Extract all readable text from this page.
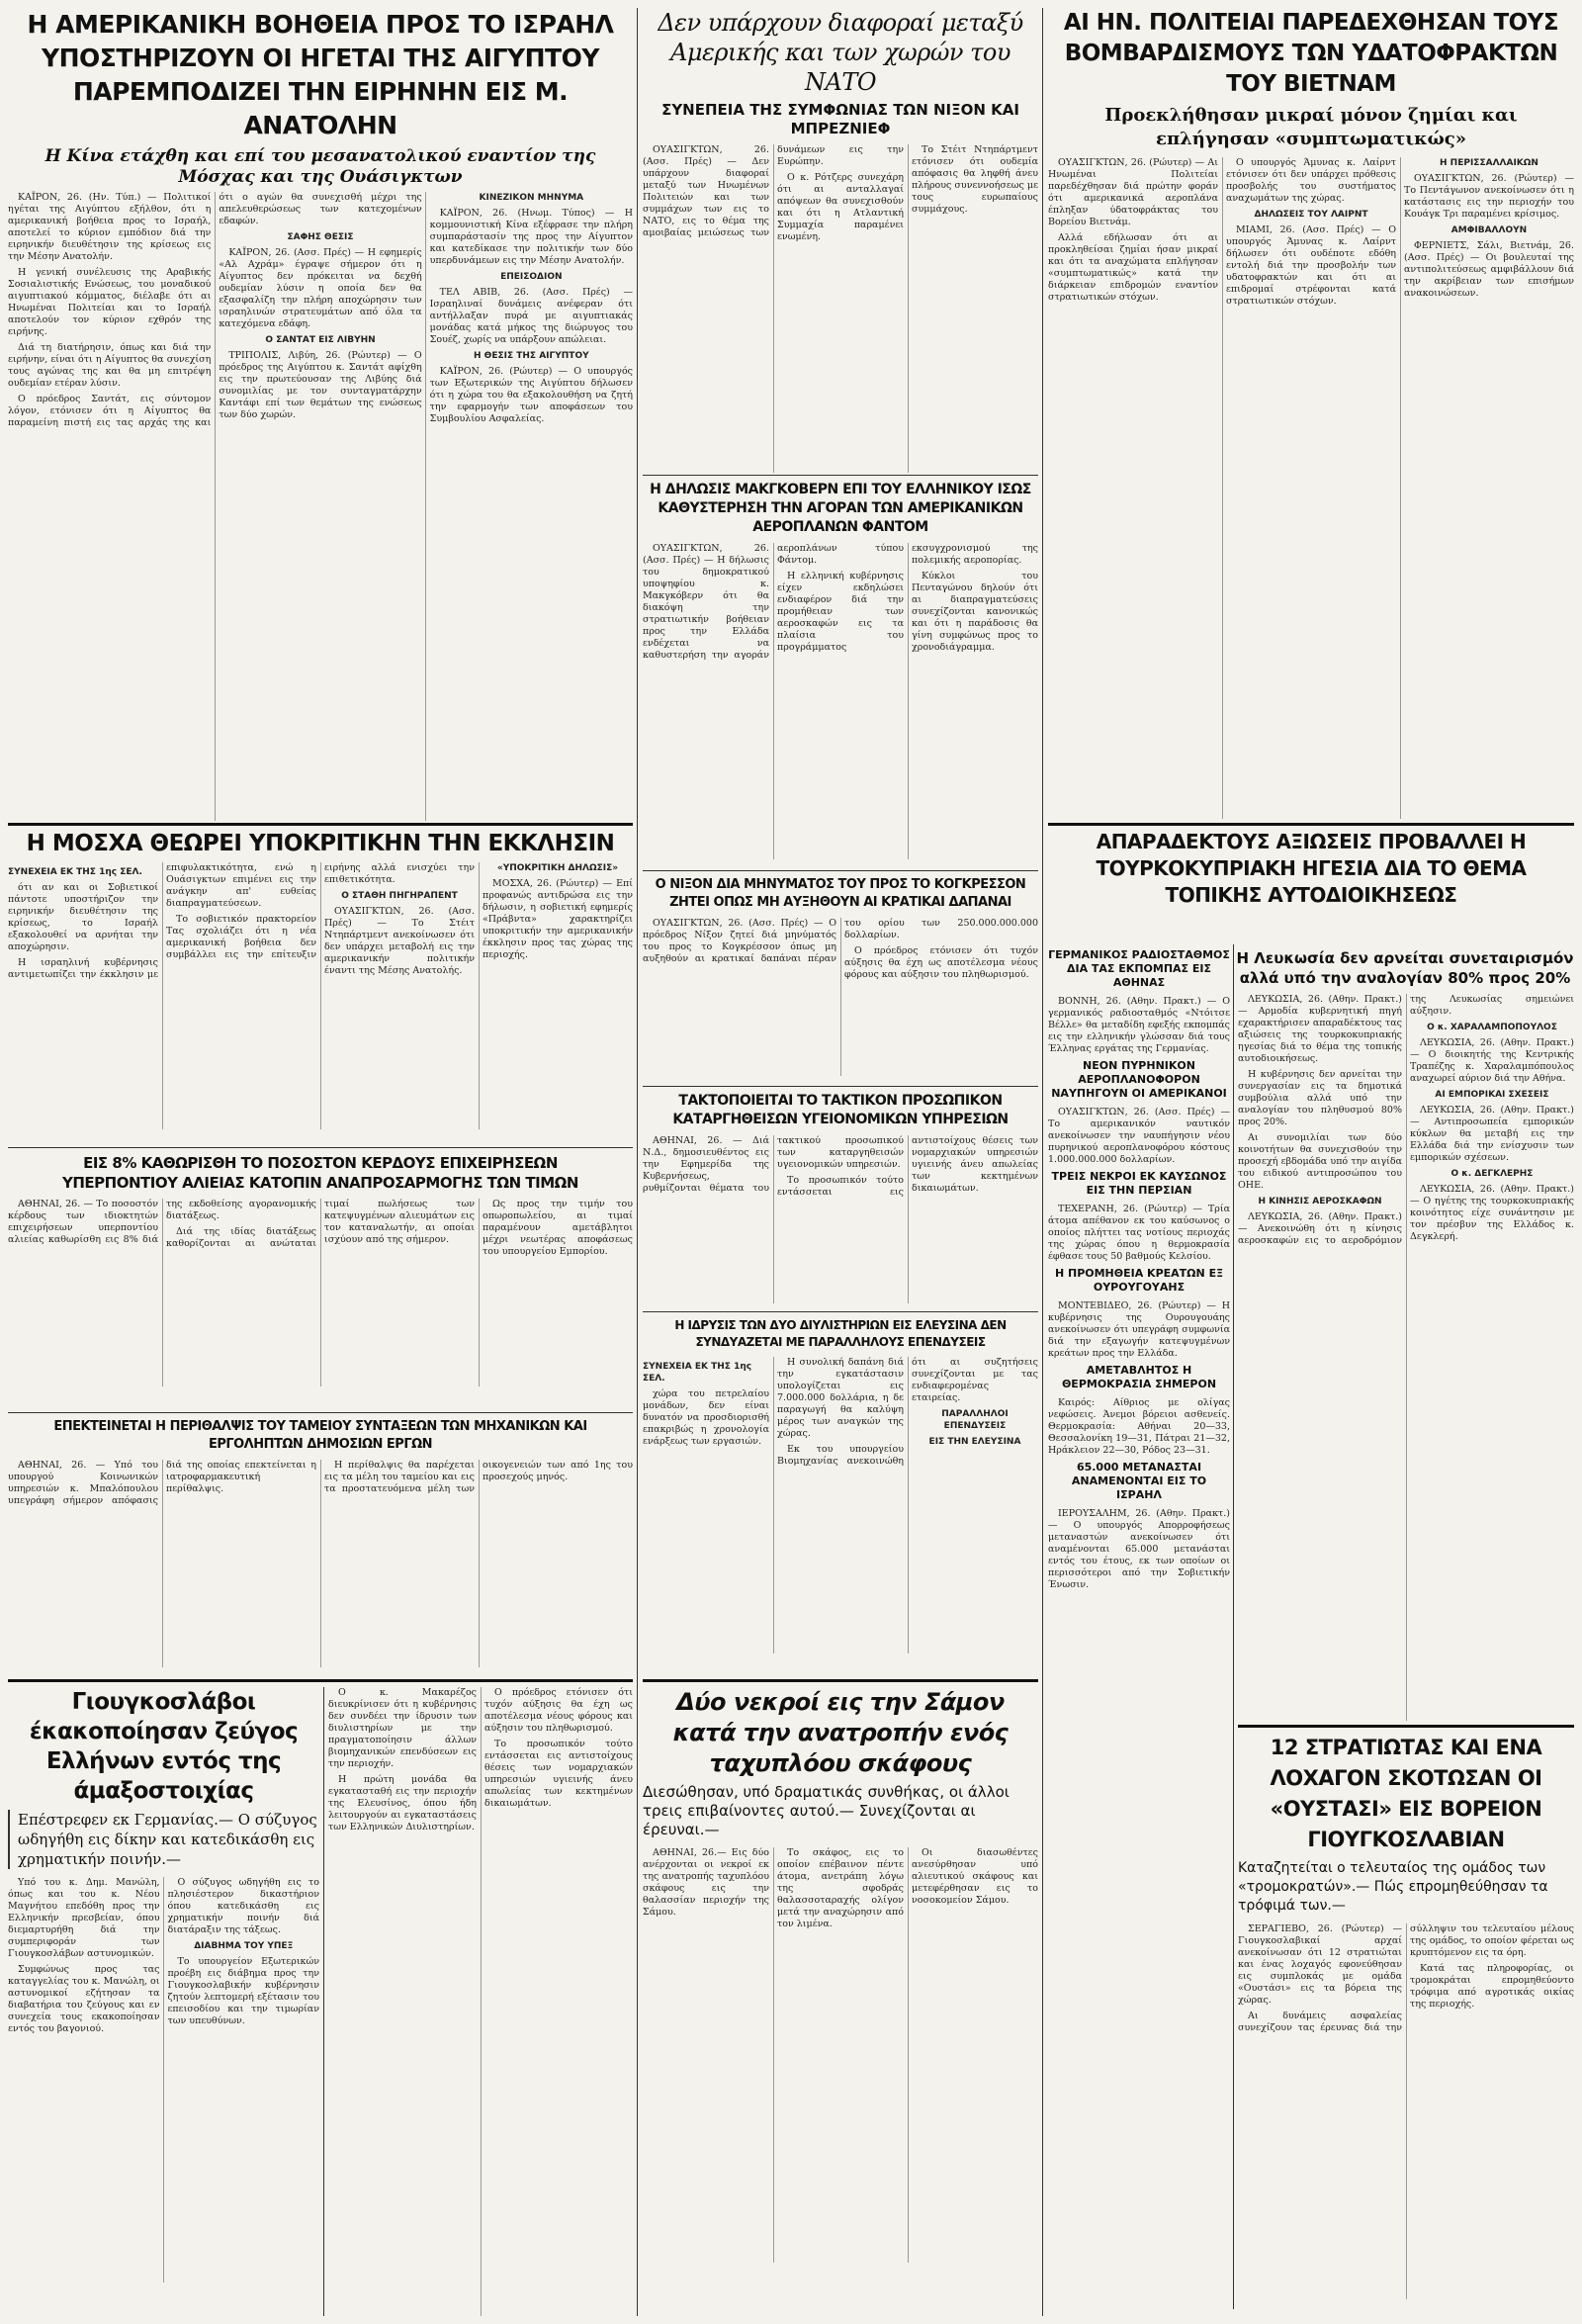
Η ΑΜΕΡΙΚΑΝΙΚΗ ΒΟΗΘΕΙΑ ΠΡΟΣ ΤΟ ΙΣΡΑΗΛ ΥΠΟΣΤΗΡΙΖΟΥΝ ΟΙ ΗΓΕΤΑΙ ΤΗΣ ΑΙΓΥΠΤΟΥ ΠΑΡΕΜΠΟΔΙΖΕΙ ΤΗΝ ΕΙΡΗΝΗΝ ΕΙΣ Μ. ΑΝΑΤΟΛΗΝ
Η Κίνα ετάχθη και επί του μεσανατολικού εναντίον της Μόσχας και της Ουάσιγκτων

ΚΑΪΡΟΝ, 26. (Ην. Τύπ.) — Πολιτικοί ηγέται της Αιγύπτου εξήλθον, ότι η αμερικανική βοήθεια προς το Ισραήλ, αποτελεί το κύριον εμπόδιον διά την ειρηνικήν διευθέτησιν της κρίσεως εις την Μέσην Ανατολήν.

Η γενική συνέλευσις της Αραβικής Σοσιαλιστικής Ενώσεως, του μοναδικού αιγυπτιακού κόμματος, διέλαβε ότι αι Ηνωμέναι Πολιτείαι και το Ισραήλ αποτελούν τον κύριον εχθρόν της ειρήνης.

Διά τη διατήρησιν, όπως και διά την ειρήνην, είναι ότι η Αίγυπτος θα συνεχίση τους αγώνας της και θα μη επιτρέψη ουδεμίαν ετέραν λύσιν.

Ο πρόεδρος Σαντάτ, εις σύντομον λόγον, ετόνισεν ότι η Αίγυπτος θα παραμείνη πιστή εις τας αρχάς της και ότι ο αγών θα συνεχισθή μέχρι της απελευθερώσεως των κατεχομένων εδαφών.

ΣΑΦΗΣ ΘΕΣΙΣ

ΚΑΪΡΟΝ, 26. (Ασσ. Πρές) — Η εφημερίς «Αλ Αχράμ» έγραψε σήμερον ότι η Αίγυπτος δεν πρόκειται να δεχθή ουδεμίαν λύσιν η οποία δεν θα εξασφαλίζη την πλήρη αποχώρησιν των ισραηλινών στρατευμάτων από όλα τα κατεχόμενα εδάφη.

Ο ΣΑΝΤΑΤ ΕΙΣ ΛΙΒΥΗΝ

ΤΡΙΠΟΛΙΣ, Λιβύη, 26. (Ρώυτερ) — Ο πρόεδρος της Αιγύπτου κ. Σαντάτ αφίχθη εις την πρωτεύουσαν της Λιβύης διά συνομιλίας με τον συνταγματάρχην Καντάφι επί των θεμάτων της ενώσεως των δύο χωρών.

ΚΙΝΕΖΙΚΟΝ ΜΗΝΥΜΑ

ΚΑΪΡΟΝ, 26. (Ηνωμ. Τύπος) — Η κομμουνιστική Κίνα εξέφρασε την πλήρη συμπαράστασίν της προς την Αίγυπτον και κατεδίκασε την πολιτικήν των δύο υπερδυνάμεων εις την Μέσην Ανατολήν.

ΕΠΕΙΣΟΔΙΟΝ

ΤΕΛ ΑΒΙΒ, 26. (Ασσ. Πρές) — Ισραηλιναί δυνάμεις ανέφεραν ότι αντήλλαξαν πυρά με αιγυπτιακάς μονάδας κατά μήκος της διώρυγος του Σουέζ, χωρίς να υπάρξουν απώλειαι.

Η ΘΕΣΙΣ ΤΗΣ ΑΙΓΥΠΤΟΥ

ΚΑΪΡΟΝ, 26. (Ρώυτερ) — Ο υπουργός των Εξωτερικών της Αιγύπτου δήλωσεν ότι η χώρα του θα εξακολουθήση να ζητή την εφαρμογήν των αποφάσεων του Συμβουλίου Ασφαλείας.

Η ΜΟΣΧΑ ΘΕΩΡΕΙ ΥΠΟΚΡΙΤΙΚΗΝ ΤΗΝ ΕΚΚΛΗΣΙΝ
ΣΥΝΕΧΕΙΑ ΕΚ ΤΗΣ 1ης ΣΕΛ.

ότι αν και οι Σοβιετικοί πάντοτε υποστήριζον την ειρηνικήν διευθέτησιν της κρίσεως, το Ισραήλ εξακολουθεί να αρνήται την αποχώρησιν.

Η ισραηλινή κυβέρνησις αντιμετωπίζει την έκκλησιν με επιφυλακτικότητα, ενώ η Ουάσιγκτων επιμένει εις την ανάγκην απ' ευθείας διαπραγματεύσεων.

Το σοβιετικόν πρακτορείον Τας σχολιάζει ότι η νέα αμερικανική βοήθεια δεν συμβάλλει εις την επίτευξιν ειρήνης αλλά ενισχύει την επιθετικότητα.

Ο ΣΤΑΘΗ ΠΗΓΗΡΑΠΕΝΤ

ΟΥΑΣΙΓΚΤΩΝ, 26. (Ασσ. Πρές) — Το Στέιτ Ντηπάρτμεντ ανεκοίνωσεν ότι δεν υπάρχει μεταβολή εις την αμερικανικήν πολιτικήν έναντι της Μέσης Ανατολής.

«ΥΠΟΚΡΙΤΙΚΗ ΔΗΛΩΣΙΣ»

ΜΟΣΧΑ, 26. (Ρώυτερ) — Επί προφανώς αντιδρώσα εις την δήλωσιν, η σοβιετική εφημερίς «Πράβντα» χαρακτηρίζει υποκριτικήν την αμερικανικήν έκκλησιν προς τας χώρας της περιοχής.

ΕΙΣ 8% ΚΑΘΩΡΙΣΘΗ ΤΟ ΠΟΣΟΣΤΟΝ ΚΕΡΔΟΥΣ ΕΠΙΧΕΙΡΗΣΕΩΝ ΥΠΕΡΠΟΝΤΙΟΥ ΑΛΙΕΙΑΣ ΚΑΤΟΠΙΝ ΑΝΑΠΡΟΣΑΡΜΟΓΗΣ ΤΩΝ ΤΙΜΩΝ

ΑΘΗΝΑΙ, 26. — Το ποσοστόν κέρδους των ιδιοκτητών επιχειρήσεων υπερποντίου αλιείας καθωρίσθη εις 8% διά της εκδοθείσης αγορανομικής διατάξεως.

Διά της ιδίας διατάξεως καθορίζονται αι ανώταται τιμαί πωλήσεως των κατεψυγμένων αλιευμάτων εις τον καταναλωτήν, αι οποίαι ισχύουν από της σήμερον.

Ως προς την τιμήν του οπωροπωλείου, αι τιμαί παραμένουν αμετάβλητοι μέχρι νεωτέρας αποφάσεως του υπουργείου Εμπορίου.

ΕΠΕΚΤΕΙΝΕΤΑΙ Η ΠΕΡΙΘΑΛΨΙΣ ΤΟΥ ΤΑΜΕΙΟΥ ΣΥΝΤΑΞΕΩΝ ΤΩΝ ΜΗΧΑΝΙΚΩΝ ΚΑΙ ΕΡΓΟΛΗΠΤΩΝ ΔΗΜΟΣΙΩΝ ΕΡΓΩΝ

ΑΘΗΝΑΙ, 26. — Υπό του υπουργού Κοινωνικών υπηρεσιών κ. Μπαλόπουλου υπεγράφη σήμερον απόφασις διά της οποίας επεκτείνεται η ιατροφαρμακευτική περίθαλψις.

Η περίθαλψις θα παρέχεται εις τα μέλη του ταμείου και εις τα προστατευόμενα μέλη των οικογενειών των από 1ης του προσεχούς μηνός.

Γιουγκοσλάβοι έκακοποίησαν ζεύγος Ελλήνων εντός της άμαξοστοιχίας
Επέστρεφεν εκ Γερμανίας.— Ο σύζυγος ωδηγήθη εις δίκην και κατεδικάσθη εις χρηματικήν ποινήν.—

Υπό του κ. Δημ. Μανώλη, όπως και του κ. Νέου Μαγνήτου επεδόθη προς την Ελληνικήν πρεσβείαν, όπου διεμαρτυρήθη διά την συμπεριφοράν των Γιουγκοσλάβων αστυνομικών.

Συμφώνως προς τας καταγγελίας του κ. Μανώλη, οι αστυνομικοί εζήτησαν τα διαβατήρια του ζεύγους και εν συνεχεία τους εκακοποίησαν εντός του βαγονιού.

Ο σύζυγος ωδηγήθη εις το πλησιέστερον δικαστήριον όπου κατεδικάσθη εις χρηματικήν ποινήν διά διατάραξιν της τάξεως.

ΔΙΑΒΗΜΑ ΤΟΥ ΥΠΕΞ

Το υπουργείον Εξωτερικών προέβη εις διάβημα προς την Γιουγκοσλαβικήν κυβέρνησιν ζητούν λεπτομερή εξέτασιν του επεισοδίου και την τιμωρίαν των υπευθύνων.

Ο κ. Μακαρέζος διευκρίνισεν ότι η κυβέρνησις δεν συνδέει την ίδρυσιν των διυλιστηρίων με την πραγματοποίησιν άλλων βιομηχανικών επενδύσεων εις την περιοχήν.

Η πρώτη μονάδα θα εγκατασταθή εις την περιοχήν της Ελευσίνος, όπου ήδη λειτουργούν αι εγκαταστάσεις των Ελληνικών Διυλιστηρίων.

Ο πρόεδρος ετόνισεν ότι τυχόν αύξησις θα έχη ως αποτέλεσμα νέους φόρους και αύξησιν του πληθωρισμού.

Το προσωπικόν τούτο εντάσσεται εις αντιστοίχους θέσεις των νομαρχιακών υπηρεσιών υγιεινής άνευ απωλείας των κεκτημένων δικαιωμάτων.

Δεν υπάρχουν διαφοραί μεταξύ Αμερικής και των χωρών του ΝΑΤΟ
ΣΥΝΕΠΕΙΑ ΤΗΣ ΣΥΜΦΩΝΙΑΣ ΤΩΝ ΝΙΞΟΝ ΚΑΙ ΜΠΡΕΖΝΙΕΦ

ΟΥΑΣΙΓΚΤΩΝ, 26. (Ασσ. Πρές) — Δεν υπάρχουν διαφοραί μεταξύ των Ηνωμένων Πολιτειών και των συμμάχων των εις το ΝΑΤΟ, εις το θέμα της αμοιβαίας μειώσεως των δυνάμεων εις την Ευρώπην.

Ο κ. Ρότζερς συνεχάρη ότι αι ανταλλαγαί απόψεων θα συνεχισθούν και ότι η Ατλαντική Συμμαχία παραμένει ενωμένη.

Το Στέιτ Ντηπάρτμεντ ετόνισεν ότι ουδεμία απόφασις θα ληφθή άνευ πλήρους συνεννοήσεως με τους ευρωπαίους συμμάχους.

Η ΔΗΛΩΣΙΣ ΜΑΚΓΚΟΒΕΡΝ ΕΠΙ ΤΟΥ ΕΛΛΗΝΙΚΟΥ ΙΣΩΣ ΚΑΘΥΣΤΕΡΗΣΗ ΤΗΝ ΑΓΟΡΑΝ ΤΩΝ ΑΜΕΡΙΚΑΝΙΚΩΝ ΑΕΡΟΠΛΑΝΩΝ ΦΑΝΤΟΜ

ΟΥΑΣΙΓΚΤΩΝ, 26. (Ασσ. Πρές) — Η δήλωσις του δημοκρατικού υποψηφίου κ. Μακγκόβερν ότι θα διακόψη την στρατιωτικήν βοήθειαν προς την Ελλάδα ενδέχεται να καθυστερήση την αγοράν αεροπλάνων τύπου Φάντομ.

Η ελληνική κυβέρνησις είχεν εκδηλώσει ενδιαφέρον διά την προμήθειαν των αεροσκαφών εις τα πλαίσια του προγράμματος εκσυγχρονισμού της πολεμικής αεροπορίας.

Κύκλοι του Πενταγώνου δηλούν ότι αι διαπραγματεύσεις συνεχίζονται κανονικώς και ότι η παράδοσις θα γίνη συμφώνως προς το χρονοδιάγραμμα.

Ο ΝΙΞΟΝ ΔΙΑ ΜΗΝΥΜΑΤΟΣ ΤΟΥ ΠΡΟΣ ΤΟ ΚΟΓΚΡΕΣΣΟΝ ΖΗΤΕΙ ΟΠΩΣ ΜΗ ΑΥΞΗΘΟΥΝ ΑΙ ΚΡΑΤΙΚΑΙ ΔΑΠΑΝΑΙ

ΟΥΑΣΙΓΚΤΩΝ, 26. (Ασσ. Πρές) — Ο πρόεδρος Νίξον ζητεί διά μηνύματός του προς το Κογκρέσσον όπως μη αυξηθούν αι κρατικαί δαπάναι πέραν του ορίου των 250.000.000.000 δολλαρίων.

Ο πρόεδρος ετόνισεν ότι τυχόν αύξησις θα έχη ως αποτέλεσμα νέους φόρους και αύξησιν του πληθωρισμού.

ΤΑΚΤΟΠΟΙΕΙΤΑΙ ΤΟ ΤΑΚΤΙΚΟΝ ΠΡΟΣΩΠΙΚΟΝ ΚΑΤΑΡΓΗΘΕΙΣΩΝ ΥΓΕΙΟΝΟΜΙΚΩΝ ΥΠΗΡΕΣΙΩΝ

ΑΘΗΝΑΙ, 26. — Διά Ν.Δ., δημοσιευθέντος εις την Εφημερίδα της Κυβερνήσεως, ρυθμίζονται θέματα του τακτικού προσωπικού των καταργηθεισών υγειονομικών υπηρεσιών.

Το προσωπικόν τούτο εντάσσεται εις αντιστοίχους θέσεις των νομαρχιακών υπηρεσιών υγιεινής άνευ απωλείας των κεκτημένων δικαιωμάτων.

Η ΙΔΡΥΣΙΣ ΤΩΝ ΔΥΟ ΔΙΥΛΙΣΤΗΡΙΩΝ ΕΙΣ ΕΛΕΥΣΙΝΑ ΔΕΝ ΣΥΝΔΥΑΖΕΤΑΙ ΜΕ ΠΑΡΑΛΛΗΛΟΥΣ ΕΠΕΝΔΥΣΕΙΣ
ΣΥΝΕΧΕΙΑ ΕΚ ΤΗΣ 1ης ΣΕΛ.

χώρα του πετρελαίου μονάδων, δεν είναι δυνατόν να προσδιορισθή επακριβώς η χρονολογία ενάρξεως των εργασιών.

Η συνολική δαπάνη διά την εγκατάστασιν υπολογίζεται εις 7.000.000 δολλάρια, η δε παραγωγή θα καλύψη μέρος των αναγκών της χώρας.

Εκ του υπουργείου Βιομηχανίας ανεκοινώθη ότι αι συζητήσεις συνεχίζονται με τας ενδιαφερομένας εταιρείας.

ΠΑΡΑΛΛΗΛΟΙ ΕΠΕΝΔΥΣΕΙΣ
ΕΙΣ ΤΗΝ ΕΛΕΥΣΙΝΑ
Δύο νεκροί εις την Σάμον κατά την ανατροπήν ενός ταχυπλόου σκάφους
Διεσώθησαν, υπό δραματικάς συνθήκας, οι άλλοι τρεις επιβαίνοντες αυτού.— Συνεχίζονται αι έρευναι.—

ΑΘΗΝΑΙ, 26.— Εις δύο ανέρχονται οι νεκροί εκ της ανατροπής ταχυπλόου σκάφους εις την θαλασσίαν περιοχήν της Σάμου.

Το σκάφος, εις το οποίον επέβαινον πέντε άτομα, ανετράπη λόγω της σφοδράς θαλασσοταραχής ολίγον μετά την αναχώρησιν από τον λιμένα.

Οι διασωθέντες ανεσύρθησαν υπό αλιευτικού σκάφους και μετεφέρθησαν εις το νοσοκομείον Σάμου.

ΑΙ ΗΝ. ΠΟΛΙΤΕΙΑΙ ΠΑΡΕΔΕΧΘΗΣΑΝ ΤΟΥΣ ΒΟΜΒΑΡΔΙΣΜΟΥΣ ΤΩΝ ΥΔΑΤΟΦΡΑΚΤΩΝ ΤΟΥ ΒΙΕΤΝΑΜ
Προεκλήθησαν μικραί μόνον ζημίαι και επλήγησαν «συμπτωματικώς»

ΟΥΑΣΙΓΚΤΩΝ, 26. (Ρώυτερ) — Αι Ηνωμέναι Πολιτείαι παρεδέχθησαν διά πρώτην φοράν ότι αμερικανικά αεροπλάνα έπληξαν ύδατοφράκτας του Βορείου Βιετνάμ.

Αλλά εδήλωσαν ότι αι προκληθείσαι ζημίαι ήσαν μικραί και ότι τα αναχώματα επλήγησαν «συμπτωματικώς» κατά την διάρκειαν επιδρομών εναντίον στρατιωτικών στόχων.

Ο υπουργός Άμυνας κ. Λαίρντ ετόνισεν ότι δεν υπάρχει πρόθεσις προσβολής του συστήματος αναχωμάτων της χώρας.

ΔΗΛΩΣΕΙΣ ΤΟΥ ΛΑΙΡΝΤ

ΜΙΑΜΙ, 26. (Ασσ. Πρές) — Ο υπουργός Άμυνας κ. Λαίρντ δήλωσεν ότι ουδέποτε εδόθη εντολή διά την προσβολήν των υδατοφρακτών και ότι αι επιδρομαί στρέφονται κατά στρατιωτικών στόχων.

Η ΠΕΡΙΣΣΑΛΛΑΙΚΩΝ

ΟΥΑΣΙΓΚΤΩΝ, 26. (Ρώυτερ) — Το Πεντάγωνον ανεκοίνωσεν ότι η κατάστασις εις την περιοχήν του Κουάγκ Τρι παραμένει κρίσιμος.

ΑΜΦΙΒΑΛΛΟΥΝ

ΦΕΡΝΙΕΤΣ, Σάλι, Βιετνάμ, 26. (Ασσ. Πρές) — Οι βουλευταί της αντιπολιτεύσεως αμφιβάλλουν διά την ακρίβειαν των επισήμων ανακοινώσεων.

ΑΠΑΡΑΔΕΚΤΟΥΣ ΑΞΙΩΣΕΙΣ ΠΡΟΒΑΛΛΕΙ Η ΤΟΥΡΚΟΚΥΠΡΙΑΚΗ ΗΓΕΣΙΑ ΔΙΑ ΤΟ ΘΕΜΑ ΤΟΠΙΚΗΣ ΑΥΤΟΔΙΟΙΚΗΣΕΩΣ
Η Λευκωσία δεν αρνείται συνεταιρισμόν αλλά υπό την αναλογίαν 80% προς 20%
ΓΕΡΜΑΝΙΚΟΣ ΡΑΔΙΟΣΤΑΘΜΟΣ ΔΙΑ ΤΑΣ ΕΚΠΟΜΠΑΣ ΕΙΣ ΑΘΗΝΑΣ

ΒΟΝΝΗ, 26. (Αθην. Πρακτ.) — Ο γερμανικός ραδιοσταθμός «Ντόιτσε Βέλλε» θα μεταδίδη εφεξής εκπομπάς εις την ελληνικήν γλώσσαν διά τους Έλληνας εργάτας της Γερμανίας.

ΝΕΟΝ ΠΥΡΗΝΙΚΟΝ ΑΕΡΟΠΛΑΝΟΦΟΡΟΝ ΝΑΥΠΗΓΟΥΝ ΟΙ ΑΜΕΡΙΚΑΝΟΙ

ΟΥΑΣΙΓΚΤΩΝ, 26. (Ασσ. Πρές) — Το αμερικανικόν ναυτικόν ανεκοίνωσεν την ναυπήγησιν νέου πυρηνικού αεροπλανοφόρου κόστους 1.000.000.000 δολλαρίων.

ΤΡΕΙΣ ΝΕΚΡΟΙ ΕΚ ΚΑΥΣΩΝΟΣ ΕΙΣ ΤΗΝ ΠΕΡΣΙΑΝ

ΤΕΧΕΡΑΝΗ, 26. (Ρώυτερ) — Τρία άτομα απέθανον εκ του καύσωνος ο οποίος πλήττει τας νοτίους περιοχάς της χώρας όπου η θερμοκρασία έφθασε τους 50 βαθμούς Κελσίου.

Η ΠΡΟΜΗΘΕΙΑ ΚΡΕΑΤΩΝ ΕΞ ΟΥΡΟΥΓΟΥΑΗΣ

ΜΟΝΤΕΒΙΔΕΟ, 26. (Ρώυτερ) — Η κυβέρνησις της Ουρουγουάης ανεκοίνωσεν ότι υπεγράφη συμφωνία διά την εξαγωγήν κατεψυγμένων κρεάτων προς την Ελλάδα.

ΑΜΕΤΑΒΛΗΤΟΣ Η ΘΕΡΜΟΚΡΑΣΙΑ ΣΗΜΕΡΟΝ

Καιρός: Αίθριος με ολίγας νεφώσεις. Άνεμοι βόρειοι ασθενείς. Θερμοκρασία: Αθήναι 20—33, Θεσσαλονίκη 19—31, Πάτραι 21—32, Ηράκλειον 22—30, Ρόδος 23—31.

65.000 ΜΕΤΑΝΑΣΤΑΙ ΑΝΑΜΕΝΟΝΤΑΙ ΕΙΣ ΤΟ ΙΣΡΑΗΛ

ΙΕΡΟΥΣΑΛΗΜ, 26. (Αθην. Πρακτ.) — Ο υπουργός Απορροφήσεως μεταναστών ανεκοίνωσεν ότι αναμένονται 65.000 μετανάσται εντός του έτους, εκ των οποίων οι περισσότεροι από την Σοβιετικήν Ένωσιν.

ΛΕΥΚΩΣΙΑ, 26. (Αθην. Πρακτ.) — Αρμοδία κυβερνητική πηγή εχαρακτήρισεν απαραδέκτους τας αξιώσεις της τουρκοκυπριακής ηγεσίας διά το θέμα της τοπικής αυτοδιοικήσεως.

Η κυβέρνησις δεν αρνείται την συνεργασίαν εις τα δημοτικά συμβούλια αλλά υπό την αναλογίαν του πληθυσμού 80% προς 20%.

Αι συνομιλίαι των δύο κοινοτήτων θα συνεχισθούν την προσεχή εβδομάδα υπό την αιγίδα του ειδικού αντιπροσώπου του ΟΗΕ.

Η ΚΙΝΗΣΙΣ ΑΕΡΟΣΚΑΦΩΝ

ΛΕΥΚΩΣΙΑ, 26. (Αθην. Πρακτ.) — Ανεκοινώθη ότι η κίνησις αεροσκαφών εις το αεροδρόμιον της Λευκωσίας σημειώνει αύξησιν.

Ο κ. ΧΑΡΑΛΑΜΠΟΠΟΥΛΟΣ

ΛΕΥΚΩΣΙΑ, 26. (Αθην. Πρακτ.) — Ο διοικητής της Κεντρικής Τραπέζης κ. Χαραλαμπόπουλος αναχωρεί αύριον διά την Αθήνα.

ΑΙ ΕΜΠΟΡΙΚΑΙ ΣΧΕΣΕΙΣ

ΛΕΥΚΩΣΙΑ, 26. (Αθην. Πρακτ.) — Αντιπροσωπεία εμπορικών κύκλων θα μεταβή εις την Ελλάδα διά την ενίσχυσιν των εμπορικών σχέσεων.

Ο κ. ΔΕΓΚΛΕΡΗΣ

ΛΕΥΚΩΣΙΑ, 26. (Αθην. Πρακτ.) — Ο ηγέτης της τουρκοκυπριακής κοινότητος είχε συνάντησιν με τον πρέσβυν της Ελλάδος κ. Δεγκλερή.

12 ΣΤΡΑΤΙΩΤΑΣ ΚΑΙ ΕΝΑ ΛΟΧΑΓΟΝ ΣΚΟΤΩΣΑΝ ΟΙ «ΟΥΣΤΑΣΙ» ΕΙΣ ΒΟΡΕΙΟΝ ΓΙΟΥΓΚΟΣΛΑΒΙΑΝ
Καταζητείται ο τελευταίος της ομάδος των «τρομοκρατών».— Πώς επρομηθεύθησαν τα τρόφιμά των.—

ΣΕΡΑΓΙΕΒΟ, 26. (Ρώυτερ) — Γιουγκοσλαβικαί αρχαί ανεκοίνωσαν ότι 12 στρατιώται και ένας λοχαγός εφονεύθησαν εις συμπλοκάς με ομάδα «Ουστάσι» εις τα βόρεια της χώρας.

Αι δυνάμεις ασφαλείας συνεχίζουν τας έρευνας διά την σύλληψιν του τελευταίου μέλους της ομάδος, το οποίον φέρεται ως κρυπτόμενον εις τα όρη.

Κατά τας πληροφορίας, οι τρομοκράται επρομηθεύοντο τρόφιμα από αγροτικάς οικίας της περιοχής.
